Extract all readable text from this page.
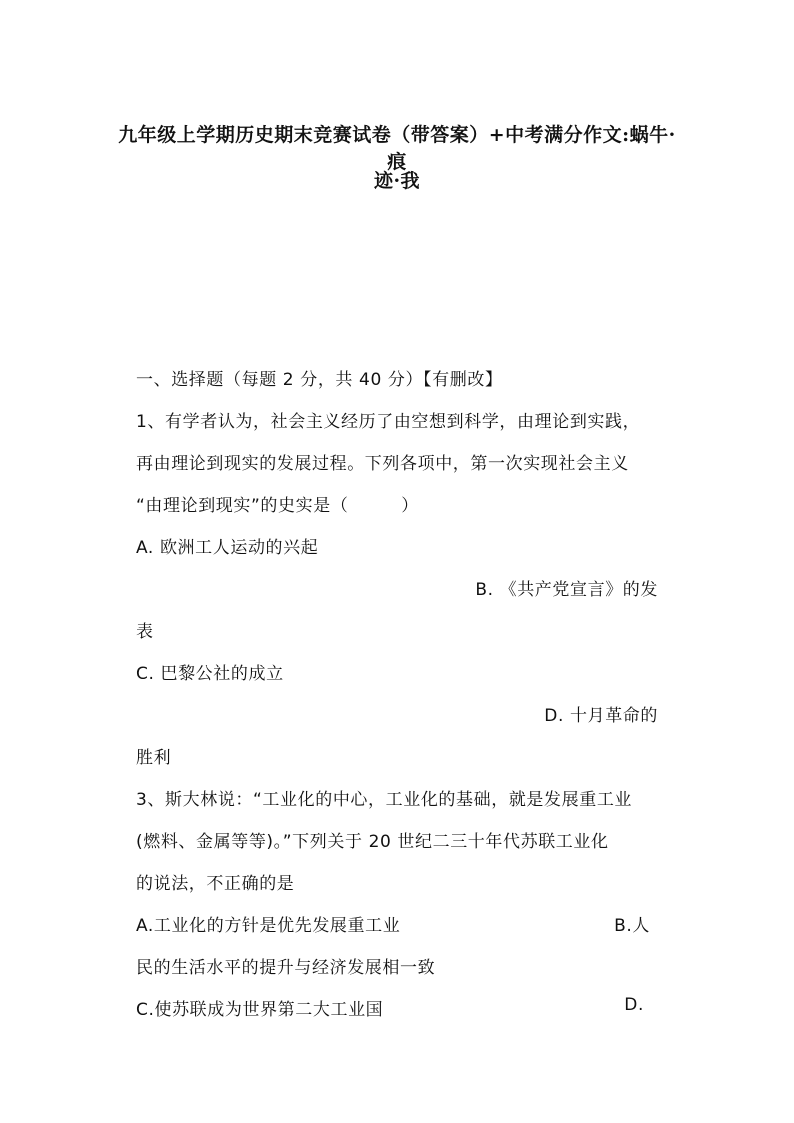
九年级上学期历史期末竞赛试卷（带答案）+中考满分作文:蜗牛·痕
迹·我
一、选择题（每题 2 分，共 40 分）【有删改】
1、有学者认为，社会主义经历了由空想到科学，由理论到实践，
再由理论到现实的发展过程。下列各项中，第一次实现社会主义
“由理论到现实”的史实是（　　　）
A. 欧洲工人运动的兴起
B. 《共产党宣言》的发
表
C. 巴黎公社的成立
D. 十月革命的
胜利
3、斯大林说：“工业化的中心，工业化的基础，就是发展重工业
(燃料、金属等等)。”下列关于 20 世纪二三十年代苏联工业化
的说法，不正确的是
A.工业化的方针是优先发展重工业	B.人
民的生活水平的提升与经济发展相一致
C.使苏联成为世界第二大工业国	D.
